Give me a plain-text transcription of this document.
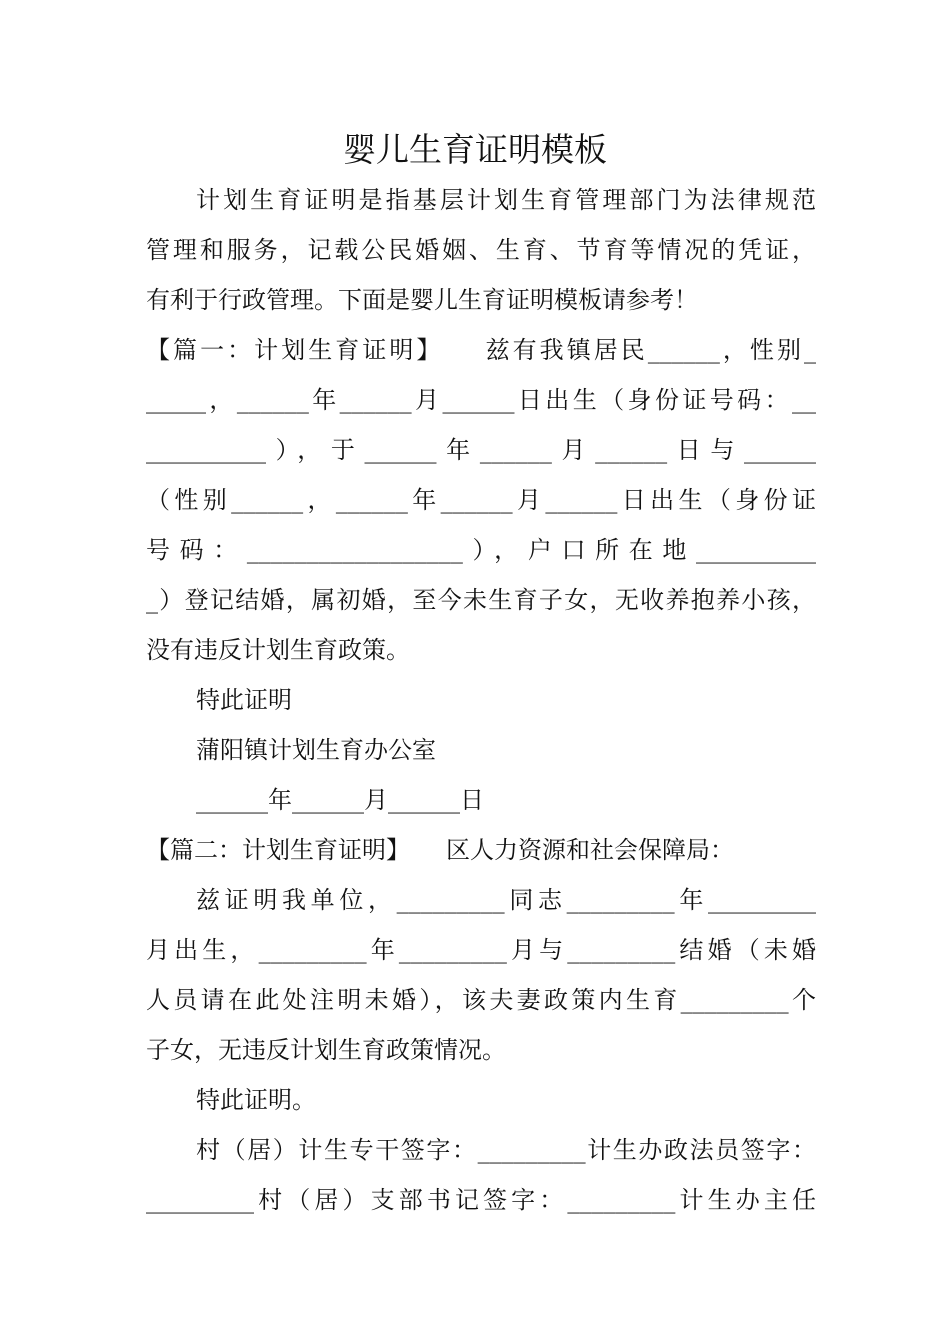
婴儿生育证明模板
计划生育证明是指基层计划生育管理部门为法律规范
管理和服务，记载公民婚姻、生育、节育等情况的凭证，
有利于行政管理。下面是婴儿生育证明模板请参考！
【篇一：计划生育证明】　　兹有我镇居民______，性别_
_____，______年______月______日出生（身份证号码：__
__________），于______年______月______日与______
（性别______，______年______月______日出生（身份证
号码：__________________），户口所在地__________
_）登记结婚，属初婚，至今未生育子女，无收养抱养小孩，
没有违反计划生育政策。
特此证明
蒲阳镇计划生育办公室
______年______月______日
【篇二：计划生育证明】　　区人力资源和社会保障局：
兹证明我单位，_________同志_________年_________
月出生，_________年_________月与_________结婚（未婚
人员请在此处注明未婚），该夫妻政策内生育_________个
子女，无违反计划生育政策情况。
特此证明。
村（居）计生专干签字：_________计生办政法员签字：
_________村（居）支部书记签字：_________计生办主任
